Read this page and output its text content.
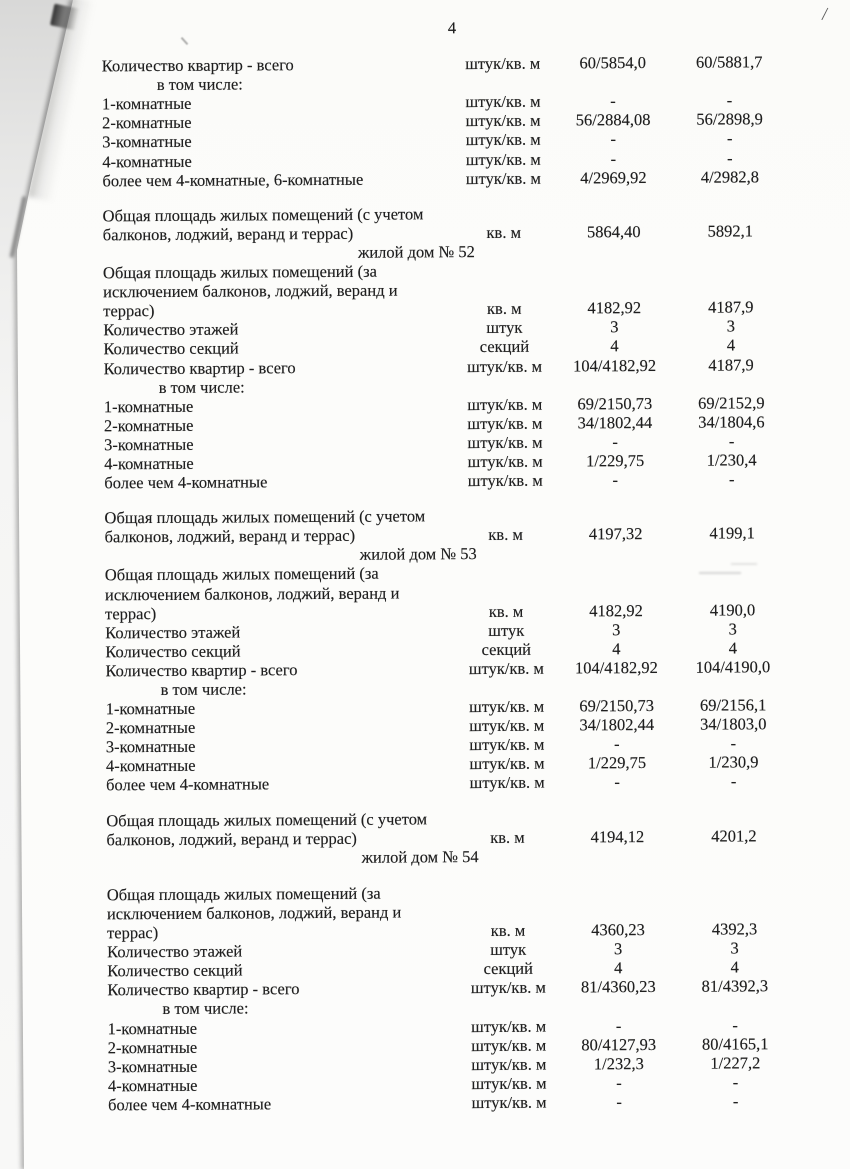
/
4
Количество квартир - всего	штук/кв. м	60/5854,0	60/5881,7
в том числе:
1-комнатные	штук/кв. м	-	-
2-комнатные	штук/кв. м	56/2884,08	56/2898,9
3-комнатные	штук/кв. м	-	-
4-комнатные	штук/кв. м	-	-
более чем 4-комнатные, 6-комнатные	штук/кв. м	4/2969,92	4/2982,8
Общая площадь жилых помещений (с учетом
балконов, лоджий, веранд и террас)	кв. м	5864,40	5892,1
жилой дом № 52
Общая площадь жилых помещений (за
исключением балконов, лоджий, веранд и
террас)	кв. м	4182,92	4187,9
Количество этажей	штук	3	3
Количество секций	секций	4	4
Количество квартир - всего	штук/кв. м	104/4182,92	4187,9
в том числе:
1-комнатные	штук/кв. м	69/2150,73	69/2152,9
2-комнатные	штук/кв. м	34/1802,44	34/1804,6
3-комнатные	штук/кв. м	-	-
4-комнатные	штук/кв. м	1/229,75	1/230,4
более чем 4-комнатные	штук/кв. м	-	-
Общая площадь жилых помещений (с учетом
балконов, лоджий, веранд и террас)	кв. м	4197,32	4199,1
жилой дом № 53
Общая площадь жилых помещений (за
исключением балконов, лоджий, веранд и
террас)	кв. м	4182,92	4190,0
Количество этажей	штук	3	3
Количество секций	секций	4	4
Количество квартир - всего	штук/кв. м	104/4182,92	104/4190,0
в том числе:
1-комнатные	штук/кв. м	69/2150,73	69/2156,1
2-комнатные	штук/кв. м	34/1802,44	34/1803,0
3-комнатные	штук/кв. м	-	-
4-комнатные	штук/кв. м	1/229,75	1/230,9
более чем 4-комнатные	штук/кв. м	-	-
Общая площадь жилых помещений (с учетом
балконов, лоджий, веранд и террас)	кв. м	4194,12	4201,2
жилой дом № 54
Общая площадь жилых помещений (за
исключением балконов, лоджий, веранд и
террас)	кв. м	4360,23	4392,3
Количество этажей	штук	3	3
Количество секций	секций	4	4
Количество квартир - всего	штук/кв. м	81/4360,23	81/4392,3
в том числе:
1-комнатные	штук/кв. м	-	-
2-комнатные	штук/кв. м	80/4127,93	80/4165,1
3-комнатные	штук/кв. м	1/232,3	1/227,2
4-комнатные	штук/кв. м	-	-
более чем 4-комнатные	штук/кв. м	-	-
